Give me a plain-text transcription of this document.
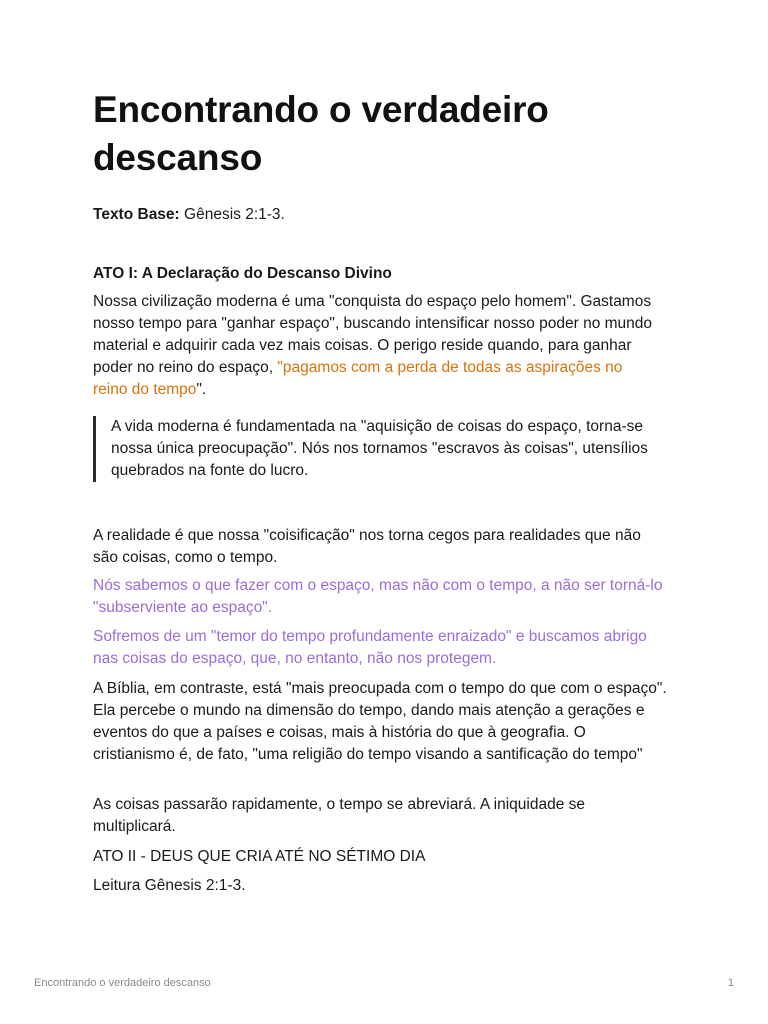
Encontrando o verdadeiro descanso
Texto Base: Gênesis 2:1-3.
ATO I: A Declaração do Descanso Divino

Nossa civilização moderna é uma "conquista do espaço pelo homem". Gastamos nosso tempo para "ganhar espaço", buscando intensificar nosso poder no mundo material e adquirir cada vez mais coisas. O perigo reside quando, para ganhar poder no reino do espaço, "pagamos com a perda de todas as aspirações no reino do tempo".

A vida moderna é fundamentada na "aquisição de coisas do espaço, torna-se nossa única preocupação". Nós nos tornamos "escravos às coisas", utensílios quebrados na fonte do lucro.

A realidade é que nossa "coisificação" nos torna cegos para realidades que não são coisas, como o tempo.

Nós sabemos o que fazer com o espaço, mas não com o tempo, a não ser torná-lo "subserviente ao espaço".

Sofremos de um "temor do tempo profundamente enraizado" e buscamos abrigo nas coisas do espaço, que, no entanto, não nos protegem.

A Bíblia, em contraste, está "mais preocupada com o tempo do que com o espaço". Ela percebe o mundo na dimensão do tempo, dando mais atenção a gerações e eventos do que a países e coisas, mais à história do que à geografia. O cristianismo é, de fato, "uma religião do tempo visando a santificação do tempo"

As coisas passarão rapidamente, o tempo se abreviará. A iniquidade se multiplicará.

ATO II - DEUS QUE CRIA ATÉ NO SÉTIMO DIA

Leitura Gênesis 2:1-3.

Encontrando o verdadeiro descanso	1
